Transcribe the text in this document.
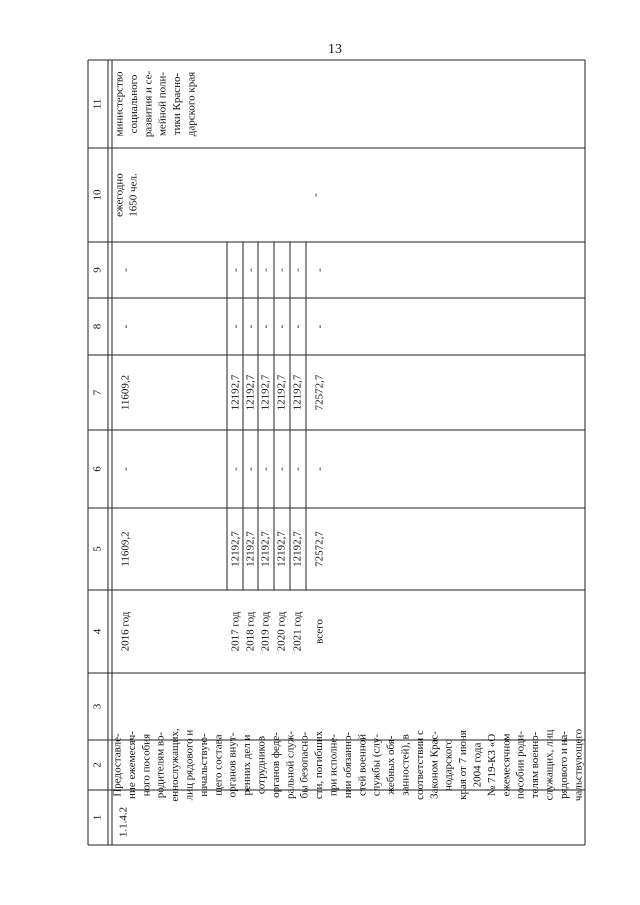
13
1
2
3
4
5
6
7
8
9
10
11
1.1.4.2
Предоставле- ние ежемесяч- ного пособия родителям во- еннослужащих, лиц рядового и начальствую- щего состава органов внут- ренних дел и сотрудников органов феде- ральной служ- бы безопасно- сти, погибших при исполне- нии обязанно- стей военной службы (слу- жебных обя- занностей), в соответствии с Законом Крас- нодарского края от 7 июня 2004 года № 719-КЗ «О ежемесячном пособии роди- телям военно- служащих, лиц рядового и на- чальствующего
2016 год
11609,2
-
11609,2
-
-
2017 год
12192,7
-
12192,7
-
-
2018 год
12192,7
-
12192,7
-
-
2019 год
12192,7
-
12192,7
-
-
2020 год
12192,7
-
12192,7
-
-
2021 год
12192,7
-
12192,7
-
-
всего
72572,7
-
72572,7
-
-
ежегодно 1650 чел.	-
министерство социального развития и се- мейной поли- тики Красно- дарского края
